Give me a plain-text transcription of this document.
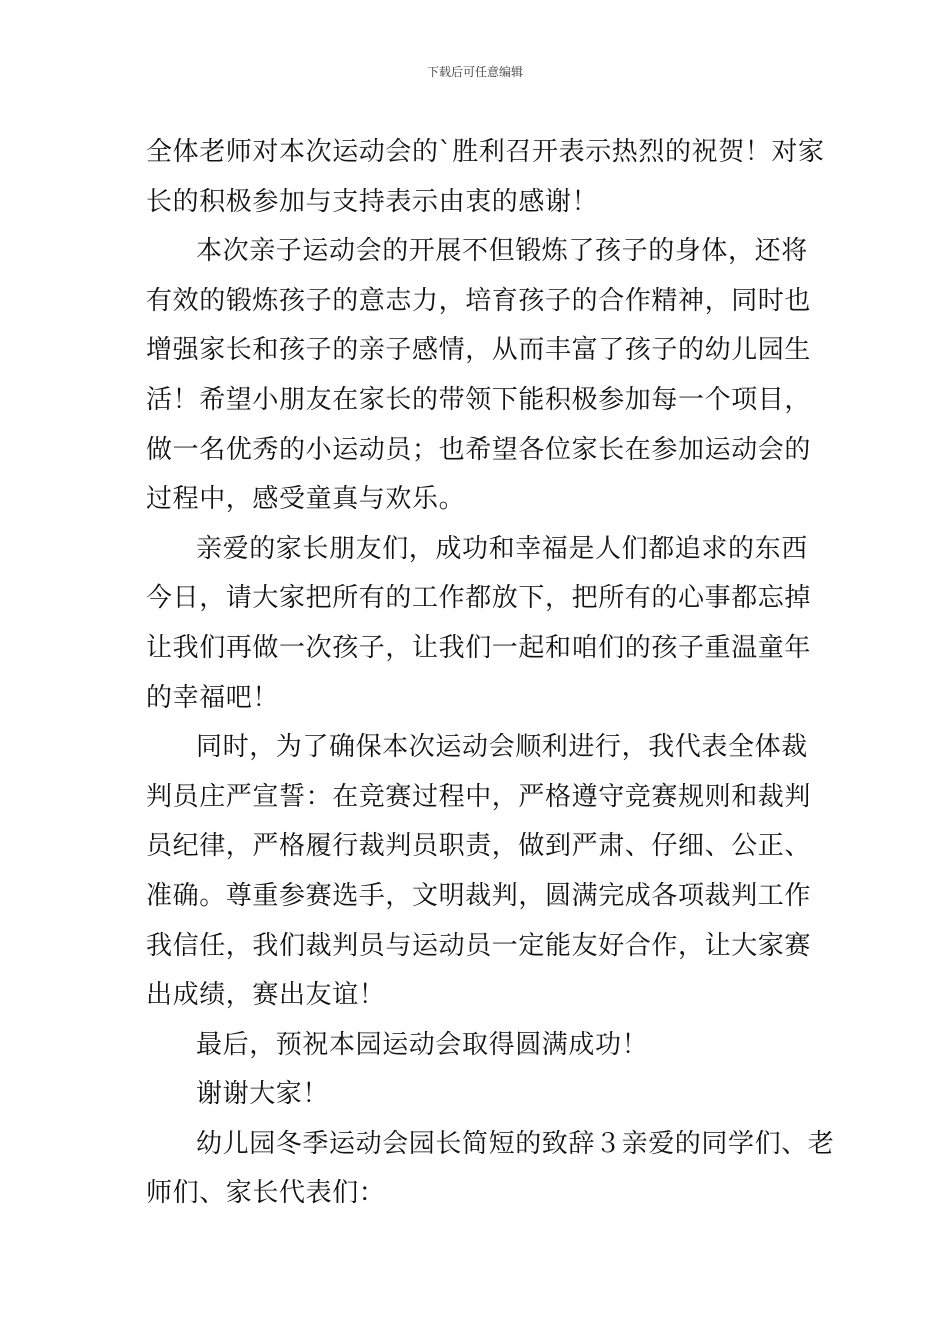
下载后可任意编辑
全体老师对本次运动会的`胜利召开表示热烈的祝贺！对家
长的积极参加与支持表示由衷的感谢！
本次亲子运动会的开展不但锻炼了孩子的身体，还将
有效的锻炼孩子的意志力，培育孩子的合作精神，同时也
增强家长和孩子的亲子感情，从而丰富了孩子的幼儿园生
活！希望小朋友在家长的带领下能积极参加每一个项目，
做一名优秀的小运动员；也希望各位家长在参加运动会的
过程中，感受童真与欢乐。
亲爱的家长朋友们，成功和幸福是人们都追求的东西
今日，请大家把所有的工作都放下，把所有的心事都忘掉
让我们再做一次孩子，让我们一起和咱们的孩子重温童年
的幸福吧！
同时，为了确保本次运动会顺利进行，我代表全体裁
判员庄严宣誓：在竞赛过程中，严格遵守竞赛规则和裁判
员纪律，严格履行裁判员职责，做到严肃、仔细、公正、
准确。尊重参赛选手，文明裁判，圆满完成各项裁判工作
我信任，我们裁判员与运动员一定能友好合作，让大家赛
出成绩，赛出友谊！
最后，预祝本园运动会取得圆满成功！
谢谢大家！
幼儿园冬季运动会园长简短的致辞３亲爱的同学们、老
师们、家长代表们：
